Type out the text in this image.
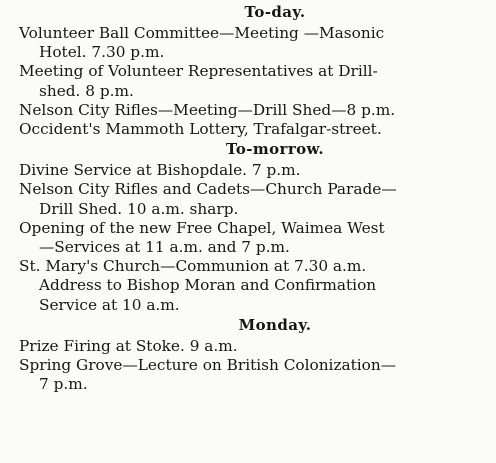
To-day.

Volunteer Ball Committee—Meeting —Masonic
Hotel. 7.30 p.m.

Meeting of Volunteer Representatives at Drill-
shed. 8 p.m.

Nelson City Rifles—Meeting—Drill Shed—8 p.m.

Occident's Mammoth Lottery, Trafalgar-street.

To-morrow.

Divine Service at Bishopdale. 7 p.m.

Nelson City Rifles and Cadets—Church Parade—
Drill Shed. 10 a.m. sharp.

Opening of the new Free Chapel, Waimea West
—Services at 11 a.m. and 7 p.m.

St. Mary's Church—Communion at 7.30 a.m.
Address to Bishop Moran and Confirmation
Service at 10 a.m.

Monday.

Prize Firing at Stoke. 9 a.m.

Spring Grove—Lecture on British Colonization—
7 p.m.
